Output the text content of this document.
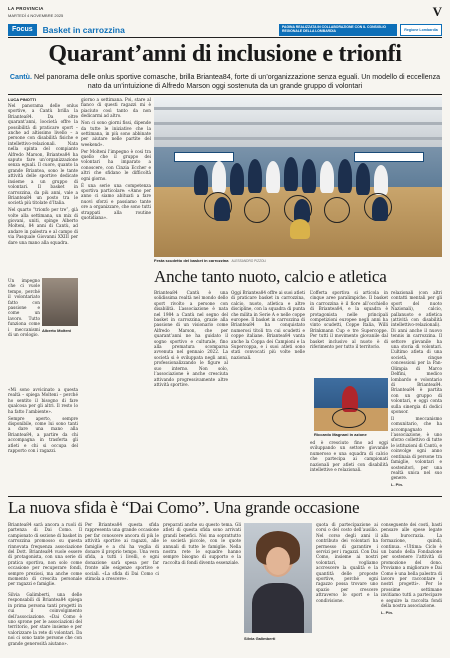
LA PROVINCIA
MARTEDÌ 4 NOVEMBRE 2025	V
Focus	Basket in carrozzina	PAGINA REALIZZATA IN COLLABORAZIONE CON IL CONSIGLIO REGIONALE DELLA LOMBARDIA	Regione Lombardia
Quarant’anni di inclusione e trionfi
Cantù. Nel panorama delle onlus sportive comasche, brilla Briantea84, forte di un’organizzazione senza eguali. Un modello di eccellenza nato da un’intuizione di Alfredo Marson oggi sostenuta da un grande gruppo di volontari
LUCA PINOTTI

Nel panorama delle onlus sportive, a Cantù brilla la Briantea84. Da oltre quarant’anni, loocietà offre la possibilità di praticare sport – anche ad altissimo livello – a persone con disabilità fisiche e intellettivo-relazionali. Nata nella spinta del compianto Alfredo Marson, Briantea84 ha saputo fare un’organizzazione senza eguali. Il cuore, quanto la grande Briantea, sono le tante attività delle sportive dedicate insieme a un gruppo di volontari. Il basket in carrozzina, da più anni, vale a Briantea84 un posto tra le società più titolate d’Italia.

Nel quarto “trionfo per tre”, già volte alla settimana, un mix di giovani, uniti, spinge Alberto Molteni, 84 anni di Cantù, ad andare in palestra e al campo di via Pasquale Giovanni XXIII per dare una mano alla squadra.

Un impegno che ci vuole tempo, perché il volontariato fatto con passione e come un lavoro. Tutto funziona come i meccanismi di un orologio.

Alberto Molteni

«Mi sono avvicinato a questa realtà – spiega Molteni – perché ho sentito il bisogno di fare qualcosa per gli altri. Il resto lo ha fatto l’ambiente».

Sempre aperto, sempre disponibile, come lui sono tanti a dare una mano alla Briantea84, a partire da chi accompagna in trasferta gli atleti e chi si occupa del rapporto con i ragazzi.

giorno a settimana. Poi, stare al fianco di questi ragazzi mi è piaciuto così tanto da non dedicarmi ad altro.

Non ci sono giorni fissi, dipende da tutte le iniziative che la settimana, in più sono abbinate per aiutare nelle partite del weekend».

Per Molteni l’impegno è così tra quello che il gruppo dei volontari ha imparato a conoscere, con Cinzia Eccher e altri che sfidano le difficoltà ogni giorno.

È una serie una competenza sportiva particolare: «Anno per anno ci siamo abituati a fare nuovi sforzi e passiamo tante ore a organizzare, che sono tutti strappati alla routine quotidiana».

Festa scudetto del basket in carrozzina ALESSANDRO PIZZOLI
Anche tanto nuoto, calcio e atletica

Briantea84 Cantù è una solidissima realtà nel mondo dello sport rivolto a persone con disabilità. L’associazione è nata nel 1984 a Cantù nel segno del basket in carrozzina, grazie alla passione di un visionario come Alfredo Marson, che per quarant’anni ne ha guidato il sogno sportivo e culturale, fino alla prematura scomparsa avvenuta nel gennaio 2022. La società si è sviluppata negli anni, professionalizzando le figure al suo interno. Non solo, l’associazione è anche cresciuta attivando progressivamente altre attività sportive.

Oggi Briantea84 offre ai suoi atleti di praticare basket in carrozzina, calcio, nuoto, atletica e altre discipline, con la squadra di punta che milita in Serie A e nelle coppe europee. Il basket in carrozzina di Briantea84 ha conquistato numerosi titoli tra cui scudetti e coppe italiane. Briantea84 vanta anche la Coppa dei Campioni e la Supercoppa, e i suoi atleti sono stati convocati più volte nelle nazionali.

L’offerta sportiva si articola in cinque aree paralimpiche. Il basket in carrozzina è il fiore all’occhiello di Briantea84, e la squadra è protagonista nelle principali competizioni europee negli anni ha vinto scudetti, Coppe Italia, Willi Brinkmann Cup e tre Supercoppe. Per tutti il movimento giovanile dal basket inclusivo al nuoto è di riferimento per tutto il territorio.

Riccardo Magnani in azione

ed è cresciuto fino ad oggi sviluppando un settore giovanile numeroso e una squadra di calcio che partecipa ai campionati nazionali per atleti con disabilità intellettive e relazionali.

relazionali (con altri contatti mentali per gli sport del nuoto Nazionali), calcio, pallanuoto e atletica (attività con disabilità intellettivo-relazionali). Di anni anche il nuovo tennis in carrozzina. Il settore giovanile ha una storia di volontari. L’ultimo atleta di una società, cinque concessioni per la Pan-Olimpia di Marco Delfini, medico lombardo e volontario di Briantea84. Briantea84 è partita con un gruppo di volontari, e oggi conta sulla sinergia di dodici sponsor.

Il meccanismo comunitario, che ha accompagnato l’associazione, è uno sforzo collettivo di tutte le istituzioni di Cantù, e coinvolge ogni anno centinaia di persone tra famiglie, volontari e sostenitori, per una realtà unica nel suo genere.

L. Pin.

La nuova sfida è “Dai Como”. Una grande occasione

Briantea84 sarà ancora a ruoli di partenza di Dai Como. Il campionato di sezione di basket in carrozzina promosso su questa rinnovata frequenza associazione del Dott. Briantea84 vuole essere di protagonista, con una serie di pratica sportiva, non solo come occasione per recuperare fondi, sempre preziosi, ma anche come momento di crescita personale per ragazzi e famiglie.

Silvia Galimberti, una delle responsabili di Briantea84 spiega in prima persona tanti progetti in cui il coinvolgimento dell’associazione. «Dai Como è uno sprone per le associazioni del territorio, per stare insieme e per valorizzare la rete di volontari. Da noi ci sono tante persone che con grande generosità aiutano».

Per Briantea84 questa sfida rappresenta una grande occasione per far conoscere ancora di più le attività sportive ai ragazzi, alle famiglie e a chi ha voglia di donare il proprio tempo. Una vera sfida, a tutti i livelli, e ogni donazione sarà spesa per far fronte alle esigenze sportive e sociali. «La sfida di Dai Como ci stimola a crescere».

preparati anche su questo tema. Gli atleti di questa sfida sono arrivati grandi benefici. Noi ma soprattutto le società piccole, con le quote annuali di tutte le famiglie. Nella nostra rete le squadre hanno sempre bisogno di supporto e la raccolta di fondi diventa essenziale.

Silvia Galimberti

quota di partecipazione ai corsi o del costo dell’ausilio. Nel corso degli anni il contributo dei volontari ha permesso di garantire i servizi per i ragazzi. Con Dai Como, insieme ai nostri volontari, vogliamo accrescere la qualità e la quantità delle proposte sportive, perché ogni ragazzo possa trovare uno spazio per crescere attraverso lo sport e la condivisione.

conseguente dei costi, basti pensare alle spese legate alla burocrazia. La formazione, quindi, continua. «Ultima: Ciclo è un bando della Fondazione per sostenere l’attività di promozione del dono. Proviamo a migliorare e Dai Como è una bella palestra di lavoro per raccontare i nostri progetti». Per le prossime settimane invitiamo tutti a partecipare e seguire la raccolta fondi della nostra associazione.

L. Pin.
